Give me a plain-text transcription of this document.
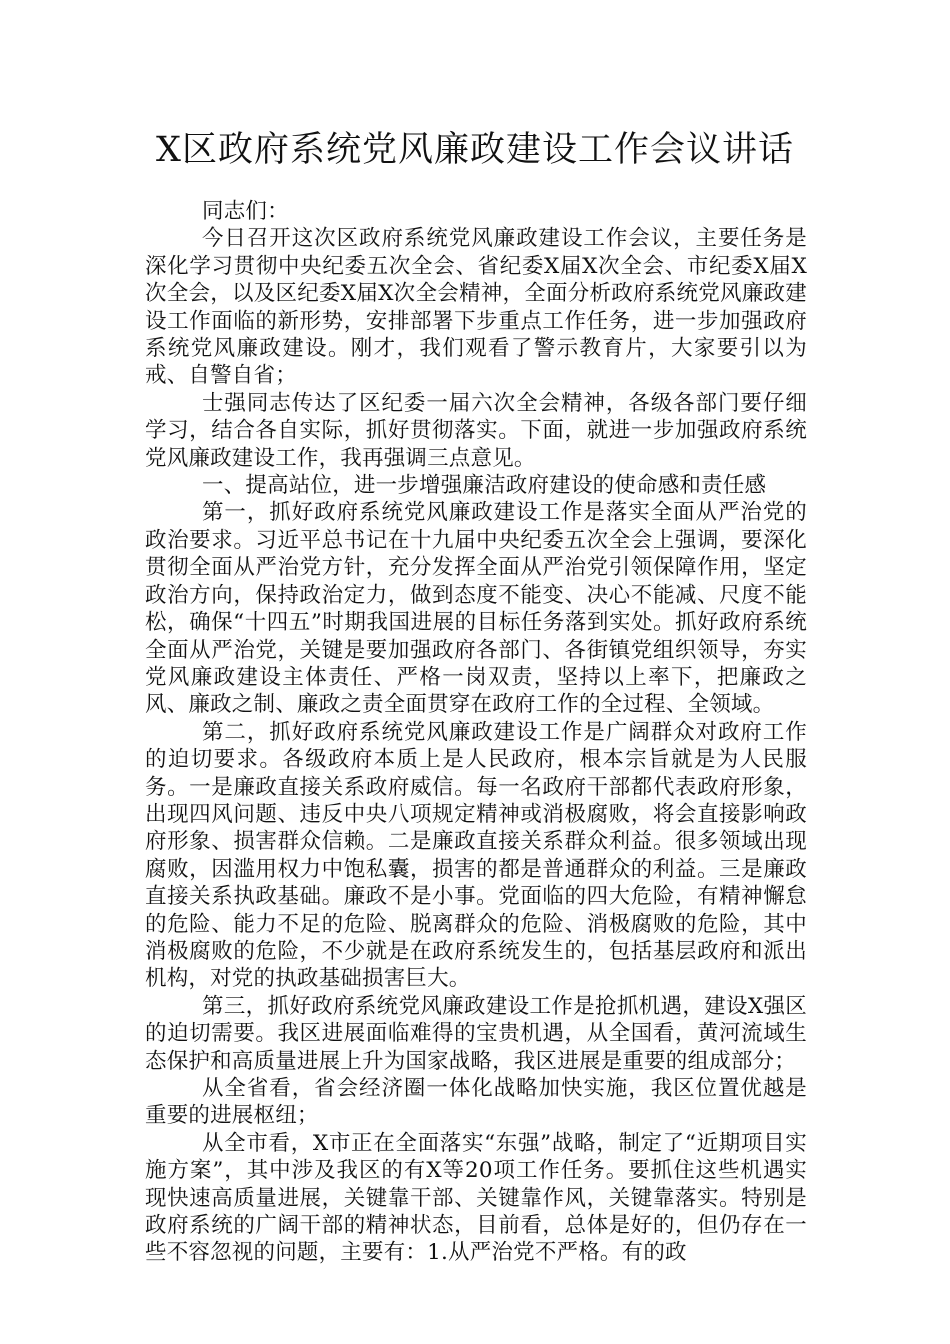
X区政府系统党风廉政建设工作会议讲话

同志们：

今日召开这次区政府系统党风廉政建设工作会议，主要任务是深化学习贯彻中央纪委五次全会、省纪委X届X次全会、市纪委X届X次全会，以及区纪委X届X次全会精神，全面分析政府系统党风廉政建设工作面临的新形势，安排部署下步重点工作任务，进一步加强政府系统党风廉政建设。刚才，我们观看了警示教育片，大家要引以为戒、自警自省；

士强同志传达了区纪委一届六次全会精神，各级各部门要仔细学习，结合各自实际，抓好贯彻落实。下面，就进一步加强政府系统党风廉政建设工作，我再强调三点意见。

一、提高站位，进一步增强廉洁政府建设的使命感和责任感

第一，抓好政府系统党风廉政建设工作是落实全面从严治党的政治要求。习近平总书记在十九届中央纪委五次全会上强调，要深化贯彻全面从严治党方针，充分发挥全面从严治党引领保障作用，坚定政治方向，保持政治定力，做到态度不能变、决心不能减、尺度不能松，确保“十四五”时期我国进展的目标任务落到实处。抓好政府系统全面从严治党，关键是要加强政府各部门、各街镇党组织领导，夯实党风廉政建设主体责任、严格一岗双责，坚持以上率下，把廉政之风、廉政之制、廉政之责全面贯穿在政府工作的全过程、全领域。

第二，抓好政府系统党风廉政建设工作是广阔群众对政府工作的迫切要求。各级政府本质上是人民政府，根本宗旨就是为人民服务。一是廉政直接关系政府威信。每一名政府干部都代表政府形象，出现四风问题、违反中央八项规定精神或消极腐败，将会直接影响政府形象、损害群众信赖。二是廉政直接关系群众利益。很多领域出现腐败，因滥用权力中饱私囊，损害的都是普通群众的利益。三是廉政直接关系执政基础。廉政不是小事。党面临的四大危险，有精神懈怠的危险、能力不足的危险、脱离群众的危险、消极腐败的危险，其中消极腐败的危险，不少就是在政府系统发生的，包括基层政府和派出机构，对党的执政基础损害巨大。

第三，抓好政府系统党风廉政建设工作是抢抓机遇，建设X强区的迫切需要。我区进展面临难得的宝贵机遇，从全国看，黄河流域生态保护和高质量进展上升为国家战略，我区进展是重要的组成部分；

从全省看，省会经济圈一体化战略加快实施，我区位置优越是重要的进展枢纽；

从全市看，X市正在全面落实“东强”战略，制定了“近期项目实施方案”，其中涉及我区的有X等20项工作任务。要抓住这些机遇实现快速高质量进展，关键靠干部、关键靠作风，关键靠落实。特别是政府系统的广阔干部的精神状态，目前看，总体是好的，但仍存在一些不容忽视的问题，主要有：1.从严治党不严格。有的政
